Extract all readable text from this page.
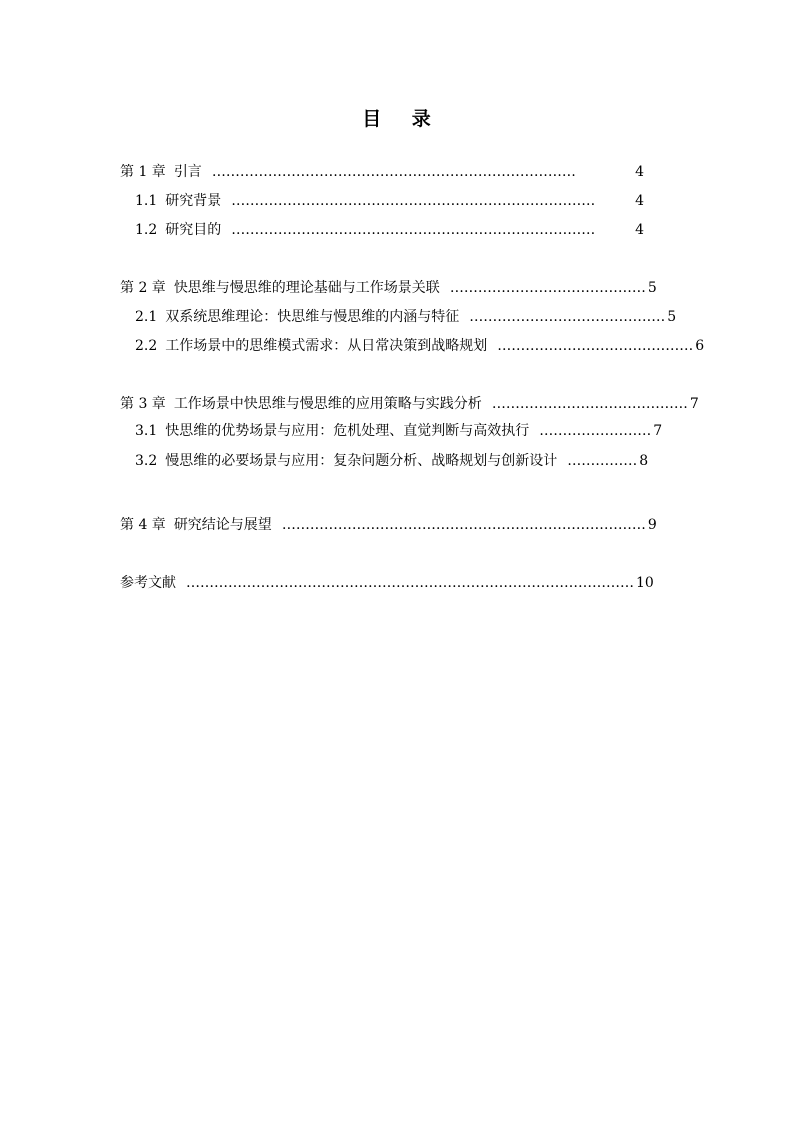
目 录
第 1 章 引言 ……………………………………………………………………	4
1.1 研究背景 ……………………………………………………………………	4
1.2 研究目的 ……………………………………………………………………	4
第 2 章 快思维与慢思维的理论基础与工作场景关联 …………………………………… 5
2.1 双系统思维理论：快思维与慢思维的内涵与特征 …………………………………… 5
2.2 工作场景中的思维模式需求：从日常决策到战略规划 …………………………………… 6
第 3 章 工作场景中快思维与慢思维的应用策略与实践分析 …………………………………… 7
3.1 快思维的优势场景与应用：危机处理、直觉判断与高效执行 …………………… 7
3.2 慢思维的必要场景与应用：复杂问题分析、战略规划与创新设计 …………… 8
第 4 章 研究结论与展望 …………………………………………………………………… 9
参考文献 …………………………………………………………………………………… 10
